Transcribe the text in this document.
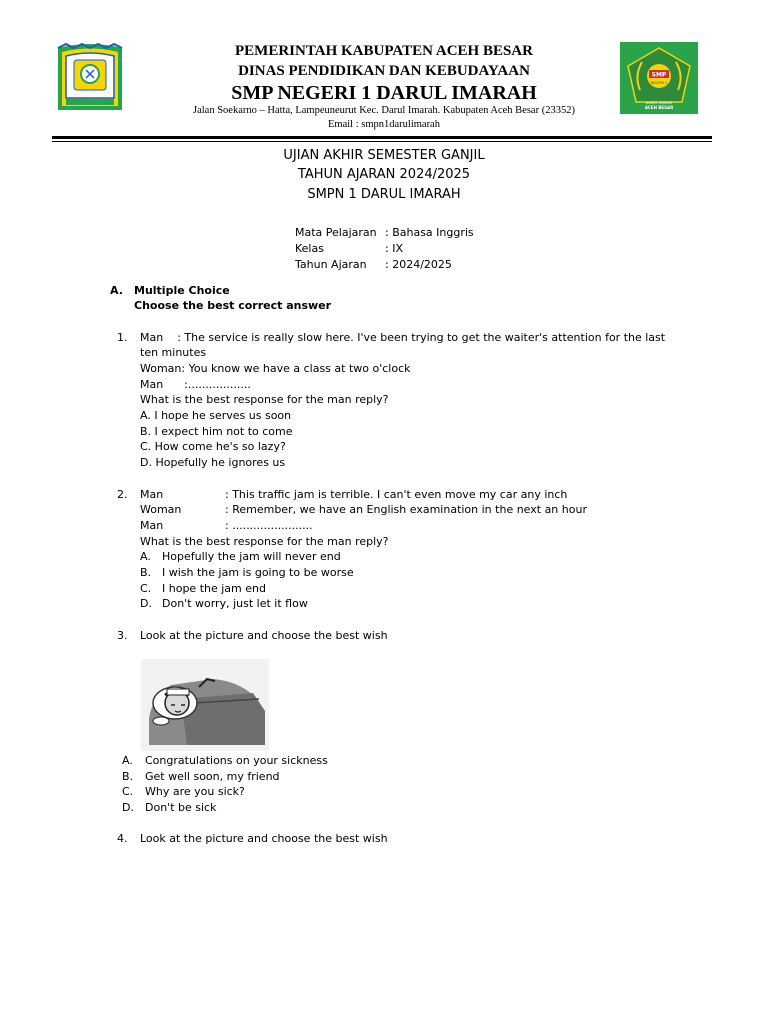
SMP
NEGERI 1
DARUL IMARAH
ACEH BESAR
PEMERINTAH KABUPATEN ACEH BESAR
DINAS PENDIDIKAN DAN KEBUDAYAAN
SMP NEGERI 1 DARUL IMARAH
Jalan Soekarno – Hatta, Lampeuneurut Kec. Darul Imarah. Kabupaten Aceh Besar (23352)
Email : smpn1darulimarah
UJIAN AKHIR SEMESTER GANJIL
TAHUN AJARAN 2024/2025
SMPN 1 DARUL IMARAH
Mata Pelajaran : Bahasa Inggris
Kelas	: IX
Tahun Ajaran : 2024/2025
A. Multiple Choice
Choose the best correct answer
1. Man    : The service is really slow here. I've been trying to get the waiter's attention for the last
ten minutes
Woman: You know we have a class at two o'clock
Man      :..................
What is the best response for the man reply?
A. I hope he serves us soon
B. I expect him not to come
C. How come he's so lazy?
D. Hopefully he ignores us
2. Man	: This traffic jam is terrible. I can't even move my car any inch
Woman	: Remember, we have an English examination in the next an hour
Man	: .......................
What is the best response for the man reply?
A. Hopefully the jam will never end
B. I wish the jam is going to be worse
C. I hope the jam end
D. Don't worry, just let it flow
3. Look at the picture and choose the best wish
A. Congratulations on your sickness
B. Get well soon, my friend
C. Why are you sick?
D. Don't be sick
4. Look at the picture and choose the best wish
